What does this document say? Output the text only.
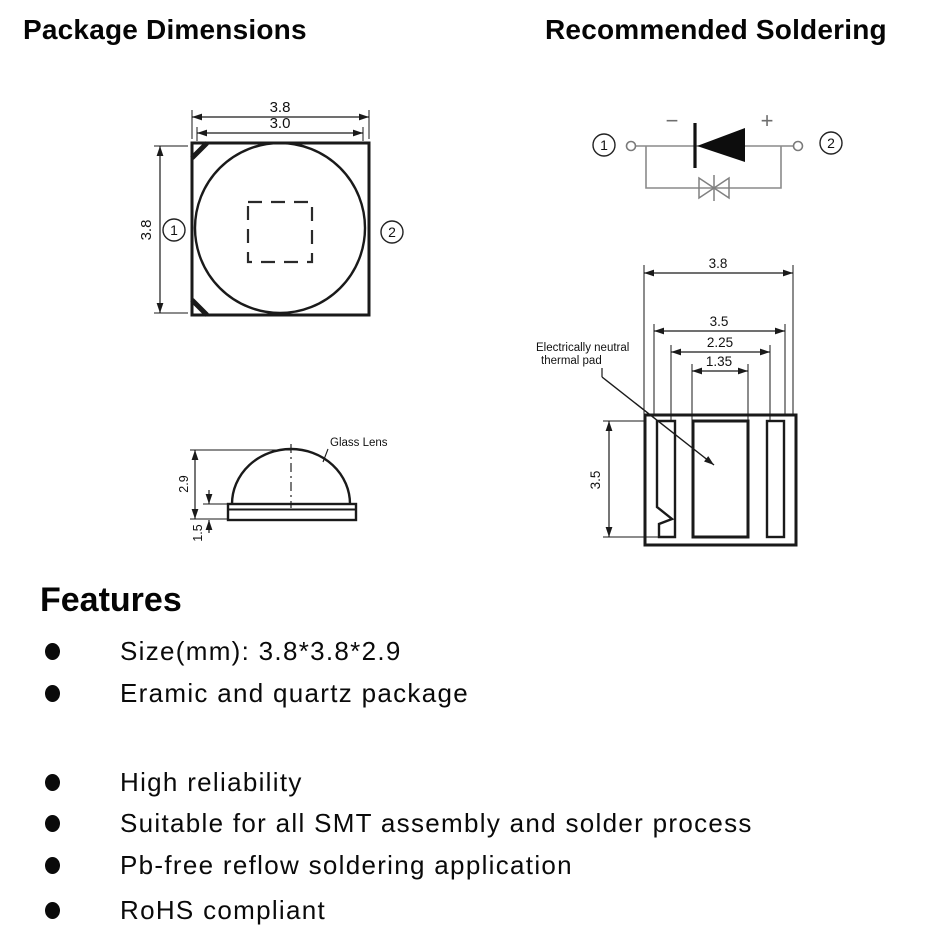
Package Dimensions	Recommended Soldering
3.8
3.0
3.8 1	2
−	+
1	2
3.8
3.5
2.25
1.35
3.5
Electrically neutral
thermal pad
2.9
1.5
Glass Lens
Features
Size(mm): 3.8*3.8*2.9
Eramic and quartz package
High reliability
Suitable for all SMT assembly and solder process
Pb-free reflow soldering application
RoHS compliant
